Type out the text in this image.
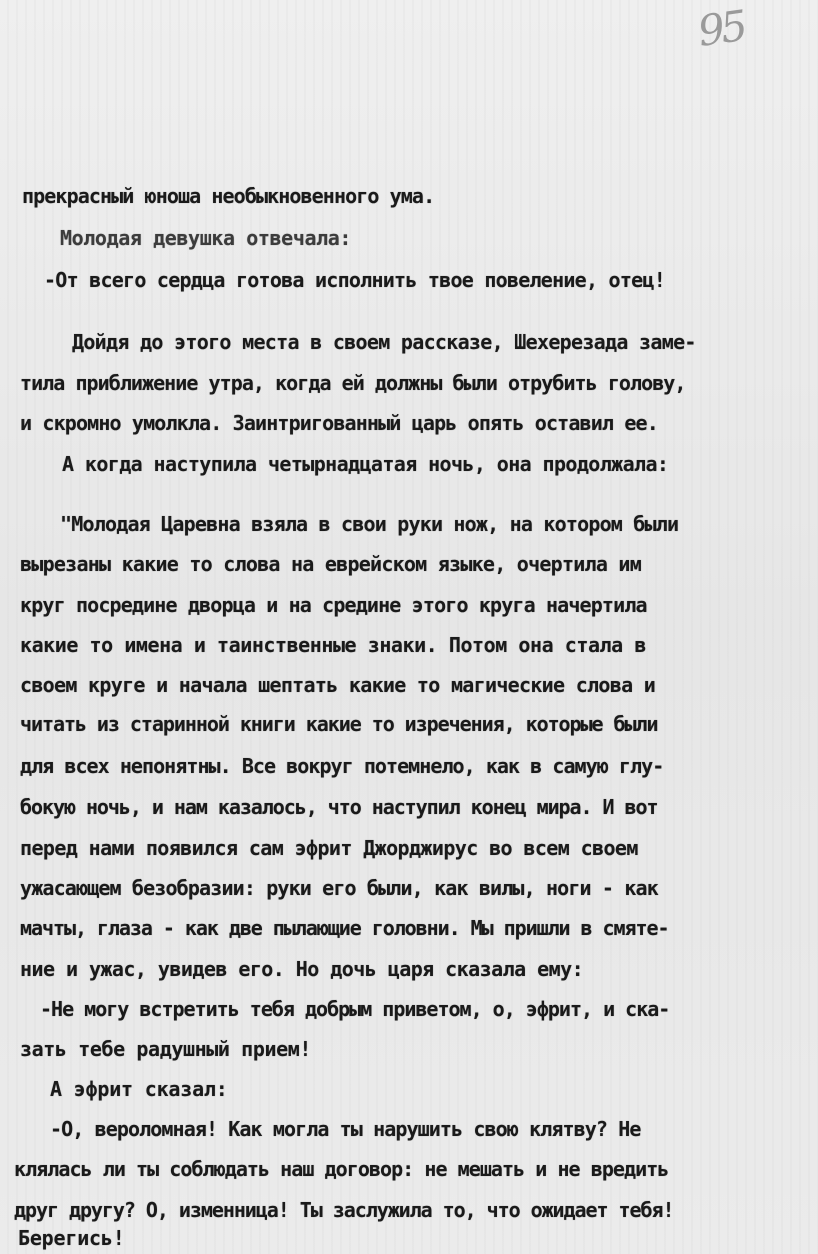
95
прекрасный юноша необыкновенного ума.
Молодая девушка отвечала:
-От всего сердца готова исполнить твое повеление, отец!
Дойдя до этого места в своем рассказе, Шехерезада заме-
тила приближение утра, когда ей должны были отрубить голову,
и скромно умолкла. Заинтригованный царь опять оставил ее.
А когда наступила четырнадцатая ночь, она продолжала:
"Молодая Царевна взяла в свои руки нож, на котором были
вырезаны какие то слова на еврейском языке, очертила им
круг посредине дворца и на средине этого круга начертила
какие то имена и таинственные знаки. Потом она стала в
своем круге и начала шептать какие то магические слова и
читать из старинной книги какие то изречения, которые были
для всех непонятны. Все вокруг потемнело, как в самую глу-
бокую ночь, и нам казалось, что наступил конец мира. И вот
перед нами появился сам эфрит Джорджирус во всем своем
ужасающем безобразии: руки его были, как вилы, ноги - как
мачты, глаза - как две пылающие головни. Мы пришли в смяте-
ние и ужас, увидев его. Но дочь царя сказала ему:
-Не могу встретить тебя добрым приветом, о, эфрит, и ска-
зать тебе радушный прием!
А эфрит сказал:
-О, вероломная! Как могла ты нарушить свою клятву? Не
клялась ли ты соблюдать наш договор: не мешать и не вредить
друг другу? О, изменница! Ты заслужила то, что ожидает тебя!
Берегись!
